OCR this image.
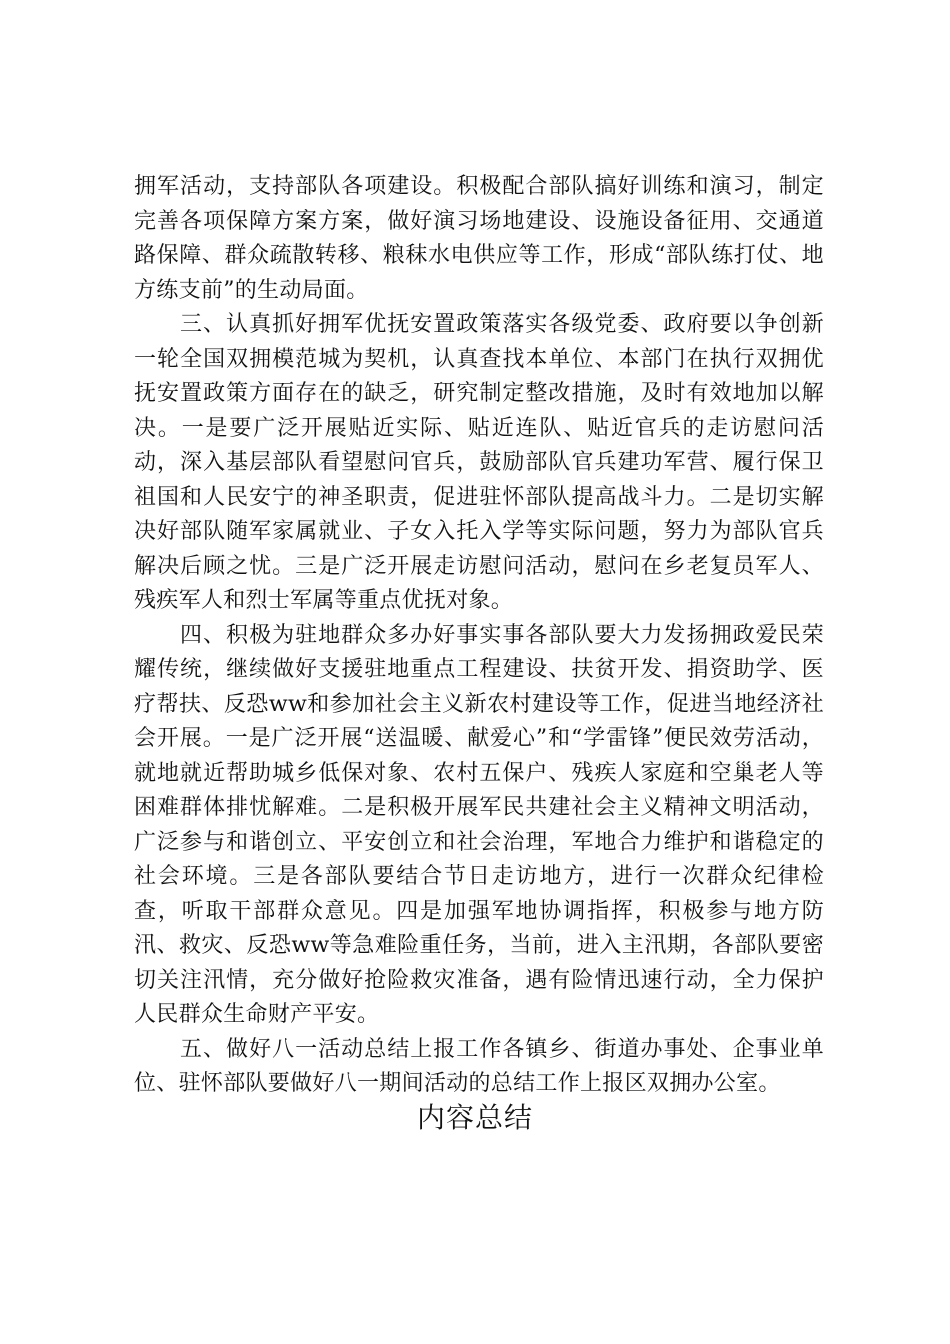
拥军活动，支持部队各项建设。积极配合部队搞好训练和演习，制定完善各项保障方案方案，做好演习场地建设、设施设备征用、交通道路保障、群众疏散转移、粮秣水电供应等工作，形成“部队练打仗、地方练支前”的生动局面。

三、认真抓好拥军优抚安置政策落实各级党委、政府要以争创新一轮全国双拥模范城为契机，认真查找本单位、本部门在执行双拥优抚安置政策方面存在的缺乏，研究制定整改措施，及时有效地加以解决。一是要广泛开展贴近实际、贴近连队、贴近官兵的走访慰问活动，深入基层部队看望慰问官兵，鼓励部队官兵建功军营、履行保卫祖国和人民安宁的神圣职责，促进驻怀部队提高战斗力。二是切实解决好部队随军家属就业、子女入托入学等实际问题，努力为部队官兵解决后顾之忧。三是广泛开展走访慰问活动，慰问在乡老复员军人、残疾军人和烈士军属等重点优抚对象。

四、积极为驻地群众多办好事实事各部队要大力发扬拥政爱民荣耀传统，继续做好支援驻地重点工程建设、扶贫开发、捐资助学、医疗帮扶、反恐ww和参加社会主义新农村建设等工作，促进当地经济社会开展。一是广泛开展“送温暖、献爱心”和“学雷锋”便民效劳活动，就地就近帮助城乡低保对象、农村五保户、残疾人家庭和空巢老人等困难群体排忧解难。二是积极开展军民共建社会主义精神文明活动，广泛参与和谐创立、平安创立和社会治理，军地合力维护和谐稳定的社会环境。三是各部队要结合节日走访地方，进行一次群众纪律检查，听取干部群众意见。四是加强军地协调指挥，积极参与地方防汛、救灾、反恐ww等急难险重任务，当前，进入主汛期，各部队要密切关注汛情，充分做好抢险救灾准备，遇有险情迅速行动，全力保护人民群众生命财产平安。

五、做好八一活动总结上报工作各镇乡、街道办事处、企事业单位、驻怀部队要做好八一期间活动的总结工作上报区双拥办公室。

内容总结
